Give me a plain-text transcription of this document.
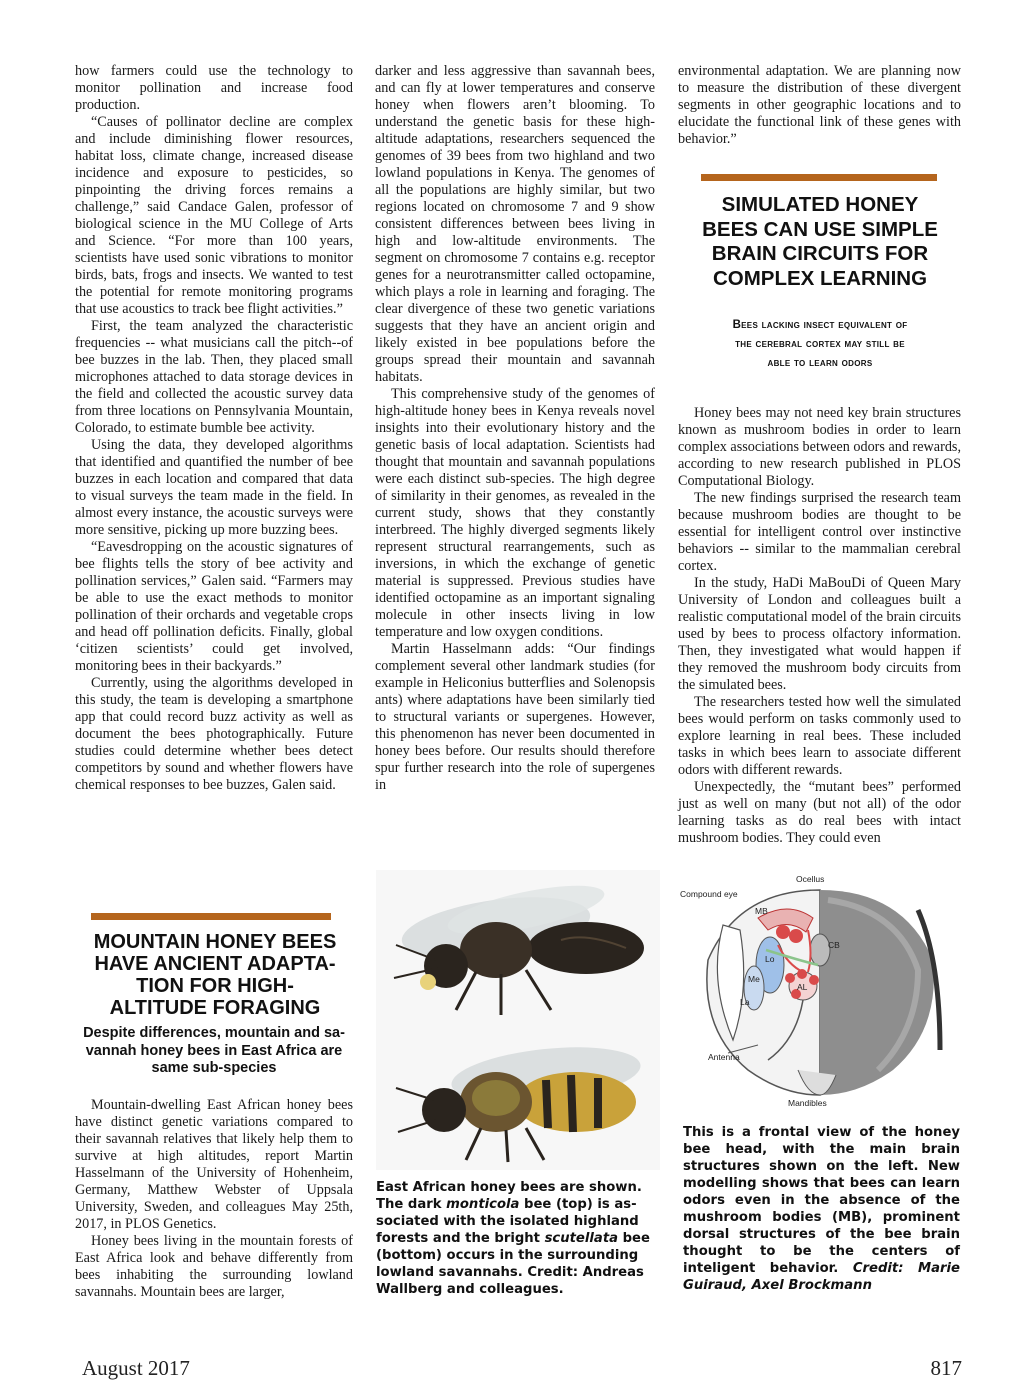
how farmers could use the technology to monitor pollination and increase food production.

“Causes of pollinator decline are complex and include diminishing flower resources, habitat loss, climate change, increased disease incidence and exposure to pesticides, so pinpointing the driving forces remains a challenge,” said Candace Galen, professor of biological science in the MU College of Arts and Science. “For more than 100 years, scientists have used sonic vibrations to monitor birds, bats, frogs and insects. We wanted to test the potential for remote monitoring programs that use acoustics to track bee flight activities.”

First, the team analyzed the characteristic frequencies -- what musicians call the pitch--of bee buzzes in the lab. Then, they placed small microphones attached to data storage devices in the field and collected the acoustic survey data from three locations on Pennsylvania Mountain, Colorado, to estimate bumble bee activity.

Using the data, they developed algorithms that identified and quantified the number of bee buzzes in each location and compared that data to visual surveys the team made in the field. In almost every instance, the acoustic surveys were more sensitive, picking up more buzzing bees.

“Eavesdropping on the acoustic signatures of bee flights tells the story of bee activity and pollination services,” Galen said. “Farmers may be able to use the exact methods to monitor pollination of their orchards and vegetable crops and head off pollination deficits. Finally, global ‘citizen scientists’ could get involved, monitoring bees in their backyards.”

Currently, using the algorithms developed in this study, the team is developing a smartphone app that could record buzz activity as well as document the bees photographically. Future studies could determine whether bees detect competitors by sound and whether flowers have chemical responses to bee buzzes, Galen said.

MOUNTAIN HONEY BEES
HAVE ANCIENT ADAPTA-
TION FOR HIGH-
ALTITUDE FORAGING
Despite differences, mountain and sa-
vannah honey bees in East Africa are
same sub-species

Mountain-dwelling East African honey bees have distinct genetic variations compared to their savannah relatives that likely help them to survive at high altitudes, report Martin Hasselmann of the University of Hohenheim, Germany, Matthew Webster of Uppsala University, Sweden, and colleagues May 25th, 2017, in PLOS Genetics.

Honey bees living in the mountain forests of East Africa look and behave differently from bees inhabiting the surrounding lowland savannahs. Mountain bees are larger,

darker and less aggressive than savannah bees, and can fly at lower temperatures and conserve honey when flowers aren’t blooming. To understand the genetic basis for these high-altitude adaptations, researchers sequenced the genomes of 39 bees from two highland and two lowland populations in Kenya. The genomes of all the populations are highly similar, but two regions located on chromosome 7 and 9 show consistent differences between bees living in high and low-altitude environments. The segment on chromosome 7 contains e.g. receptor genes for a neurotransmitter called octopamine, which plays a role in learning and foraging. The clear divergence of these two genetic variations suggests that they have an ancient origin and likely existed in bee populations before the groups spread their mountain and savannah habitats.

This comprehensive study of the genomes of high-altitude honey bees in Kenya reveals novel insights into their evolutionary history and the genetic basis of local adaptation. Scientists had thought that mountain and savannah populations were each distinct sub-species. The high degree of similarity in their genomes, as revealed in the current study, shows that they constantly interbreed. The highly diverged segments likely represent structural rearrangements, such as inversions, in which the exchange of genetic material is suppressed. Previous studies have identified octopamine as an important signaling molecule in other insects living in low temperature and low oxygen conditions.

Martin Hasselmann adds: “Our findings complement several other landmark studies (for example in Heliconius butterflies and Solenopsis ants) where adaptations have been similarly tied to structural variants or supergenes. However, this phenomenon has never been documented in honey bees before. Our results should therefore spur further research into the role of supergenes in

East African honey bees are shown.
The dark monticola bee (top) is as-
sociated with the isolated highland
forests and the bright scutellata bee
(bottom) occurs in the surrounding
lowland savannahs. Credit: Andreas
Wallberg and colleagues.

environmental adaptation. We are planning now to measure the distribution of these divergent segments in other geographic locations and to elucidate the functional link of these genes with behavior.”

SIMULATED HONEY
BEES CAN USE SIMPLE
BRAIN CIRCUITS FOR
COMPLEX LEARNING
Bees lacking insect equivalent of
the cerebral cortex may still be
able to learn odors

Honey bees may not need key brain structures known as mushroom bodies in order to learn complex associations between odors and rewards, according to new research published in PLOS Computational Biology.

The new findings surprised the research team because mushroom bodies are thought to be essential for intelligent control over instinctive behaviors -- similar to the mammalian cerebral cortex.

In the study, HaDi MaBouDi of Queen Mary University of London and colleagues built a realistic computational model of the brain circuits used by bees to process olfactory information. Then, they investigated what would happen if they removed the mushroom body circuits from the simulated bees.

The researchers tested how well the simulated bees would perform on tasks commonly used to explore learning in real bees. These included tasks in which bees learn to associate different odors with different rewards.

Unexpectedly, the “mutant bees” performed just as well on many (but not all) of the odor learning tasks as do real bees with intact mushroom bodies. They could even

Compound eye
Ocellus
MB
CB
Lo
Me
La
AL
Antenna
Mandibles
This is a frontal view of the honey bee head, with the main brain structures shown on the left. New modelling shows that bees can learn odors even in the absence of the mushroom bodies (MB), prominent dorsal structures of the bee brain thought to be the centers of inteligent behavior. Credit: Marie Guiraud, Axel Brockmann
August 2017	817
